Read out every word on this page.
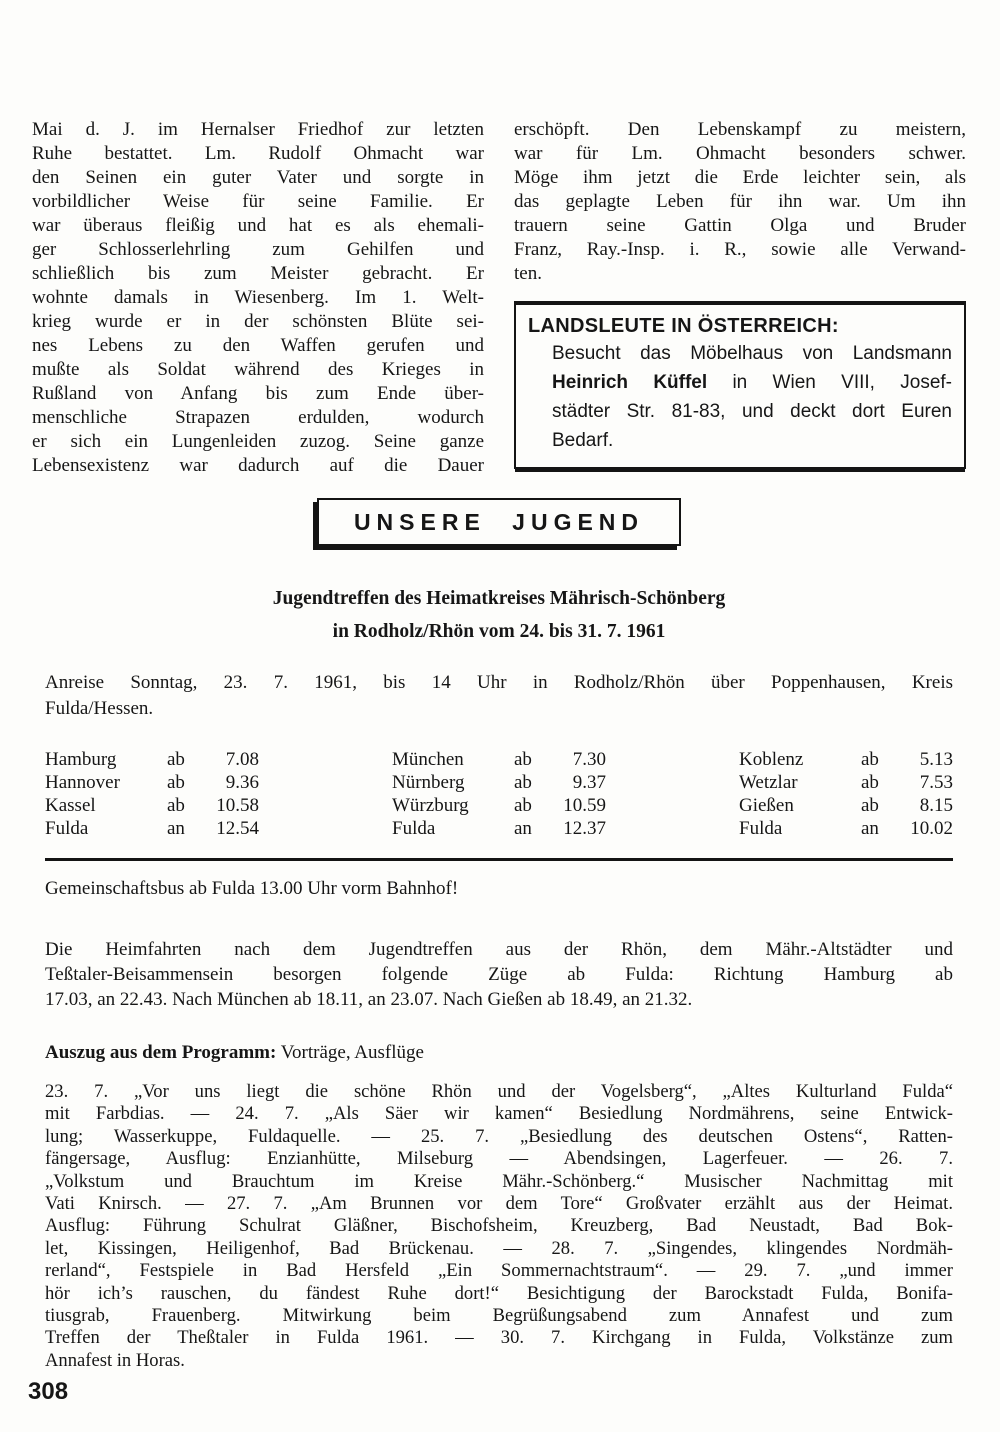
Mai d. J. im Hernalser Friedhof zur letzten
Ruhe bestattet. Lm. Rudolf Ohmacht war
den Seinen ein guter Vater und sorgte in
vorbildlicher Weise für seine Familie. Er
war überaus fleißig und hat es als ehemali-
ger Schlosserlehrling zum Gehilfen und
schließlich bis zum Meister gebracht. Er
wohnte damals in Wiesenberg. Im 1. Welt-
krieg wurde er in der schönsten Blüte sei-
nes Lebens zu den Waffen gerufen und
mußte als Soldat während des Krieges in
Rußland von Anfang bis zum Ende über-
menschliche Strapazen erdulden, wodurch
er sich ein Lungenleiden zuzog. Seine ganze
Lebensexistenz war dadurch auf die Dauer
erschöpft. Den Lebenskampf zu meistern,
war für Lm. Ohmacht besonders schwer.
Möge ihm jetzt die Erde leichter sein, als
das geplagte Leben für ihn war. Um ihn
trauern seine Gattin Olga und Bruder
Franz, Ray.-Insp. i. R., sowie alle Verwand-
ten.
LANDSLEUTE IN ÖSTERREICH:
Besucht das Möbelhaus von Landsmann
Heinrich Küffel in Wien VIII, Josef-
städter Str. 81-83, und deckt dort Euren
Bedarf.
UNSERE JUGEND
Jugendtreffen des Heimatkreises Mährisch-Schönberg
in Rodholz/Rhön vom 24. bis 31. 7. 1961
Anreise Sonntag, 23. 7. 1961, bis 14 Uhr in Rodholz/Rhön über Poppenhausen, Kreis
Fulda/Hessen.
Hamburg	ab	7.08
Hannover	ab	9.36
Kassel	ab	10.58
Fulda	an	12.54
München	ab	7.30
Nürnberg	ab	9.37
Würzburg	ab	10.59
Fulda	an	12.37
Koblenz	ab	5.13
Wetzlar	ab	7.53
Gießen	ab	8.15
Fulda	an	10.02
Gemeinschaftsbus ab Fulda 13.00 Uhr vorm Bahnhof!
Die Heimfahrten nach dem Jugendtreffen aus der Rhön, dem Mähr.-Altstädter und
Teßtaler-Beisammensein besorgen folgende Züge ab Fulda: Richtung Hamburg ab
17.03, an 22.43. Nach München ab 18.11, an 23.07. Nach Gießen ab 18.49, an 21.32.
Auszug aus dem Programm: Vorträge, Ausflüge
23. 7. „Vor uns liegt die schöne Rhön und der Vogelsberg“, „Altes Kulturland Fulda“
mit Farbdias. — 24. 7. „Als Säer wir kamen“ Besiedlung Nordmährens, seine Entwick-
lung; Wasserkuppe, Fuldaquelle. — 25. 7. „Besiedlung des deutschen Ostens“, Ratten-
fängersage, Ausflug: Enzianhütte, Milseburg — Abendsingen, Lagerfeuer. — 26. 7.
„Volkstum und Brauchtum im Kreise Mähr.-Schönberg.“ Musischer Nachmittag mit
Vati Knirsch. — 27. 7. „Am Brunnen vor dem Tore“ Großvater erzählt aus der Heimat.
Ausflug: Führung Schulrat Gläßner, Bischofsheim, Kreuzberg, Bad Neustadt, Bad Bok-
let, Kissingen, Heiligenhof, Bad Brückenau. — 28. 7. „Singendes, klingendes Nordmäh-
rerland“, Festspiele in Bad Hersfeld „Ein Sommernachtstraum“. — 29. 7. „und immer
hör ich’s rauschen, du fändest Ruhe dort!“ Besichtigung der Barockstadt Fulda, Bonifa-
tiusgrab, Frauenberg. Mitwirkung beim Begrüßungsabend zum Annafest und zum
Treffen der Theßtaler in Fulda 1961. — 30. 7. Kirchgang in Fulda, Volkstänze zum
Annafest in Horas.
308
